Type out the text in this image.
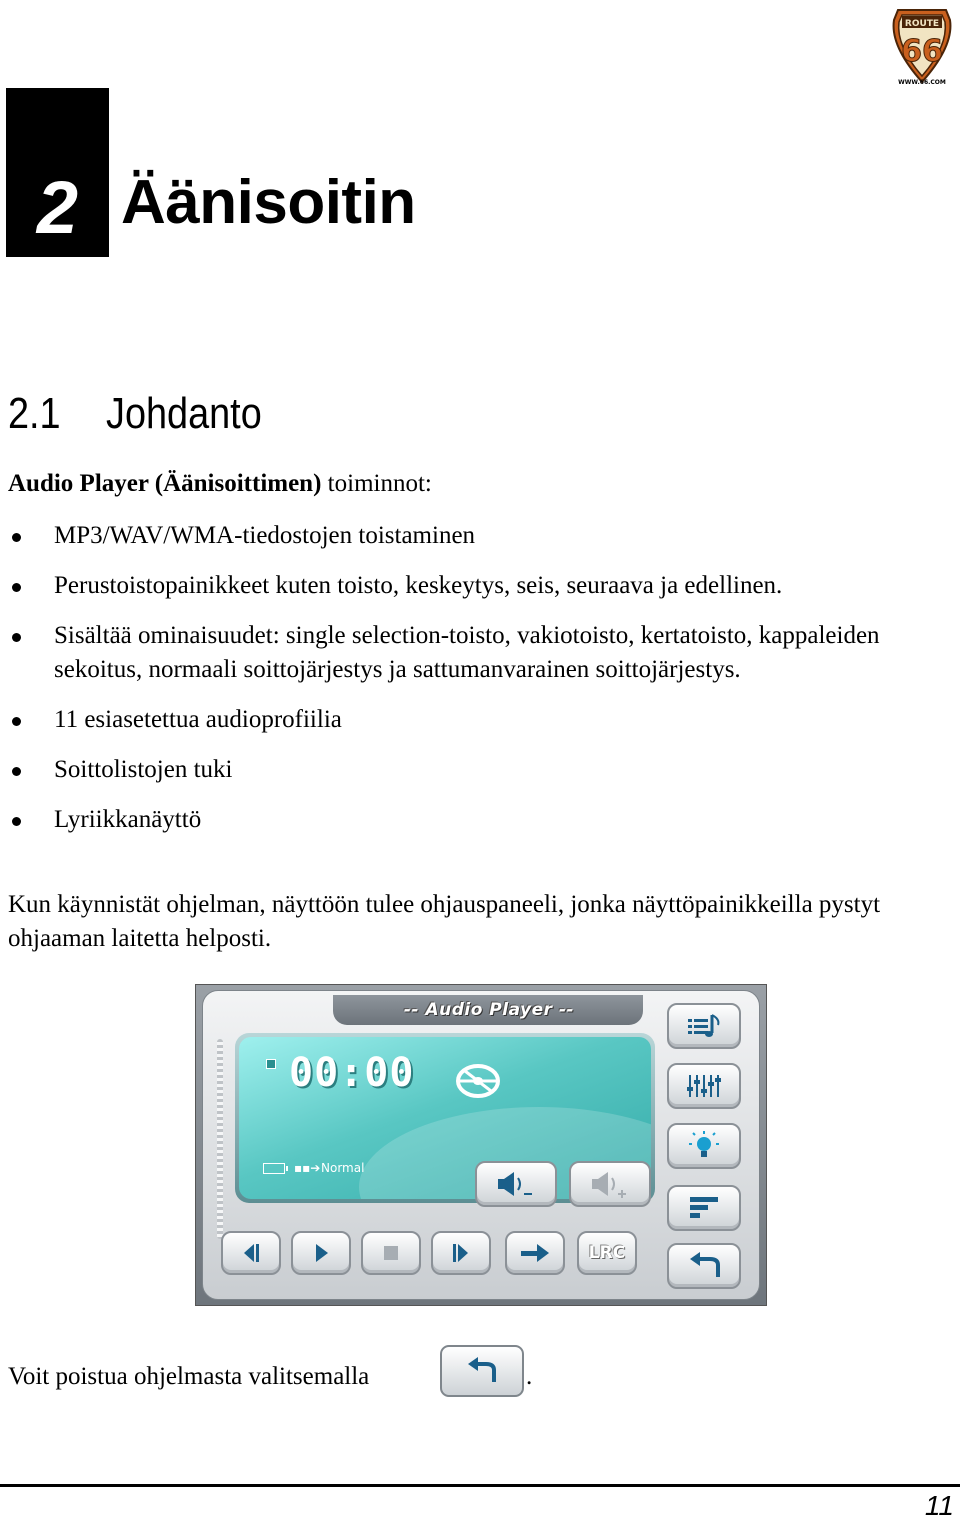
ROUTE
66
WWW.66.COM
2 Äänisoitin
2.1 Johdanto
Audio Player (Äänisoittimen) toiminnot:
MP3/WAV/WMA-tiedostojen toistaminen
Perustoistopainikkeet kuten toisto, keskeytys, seis, seuraava ja edellinen.
Sisältää ominaisuudet: single selection-toisto, vakiotoisto, kertatoisto, kappaleiden sekoitus, normaali soittojärjestys ja sattumanvarainen soittojärjestys.
11 esiasetettua audioprofiilia
Soittolistojen tuki
Lyriikkanäyttö
Kun käynnistät ohjelman, näyttöön tulee ohjauspaneeli, jonka näyttöpainikkeilla pystyt ohjaaman laitetta helposti.
-- Audio Player --
00:00
▪▪➔ Normal
LRC
Voit poistua ohjelmasta valitsemalla	.
11
